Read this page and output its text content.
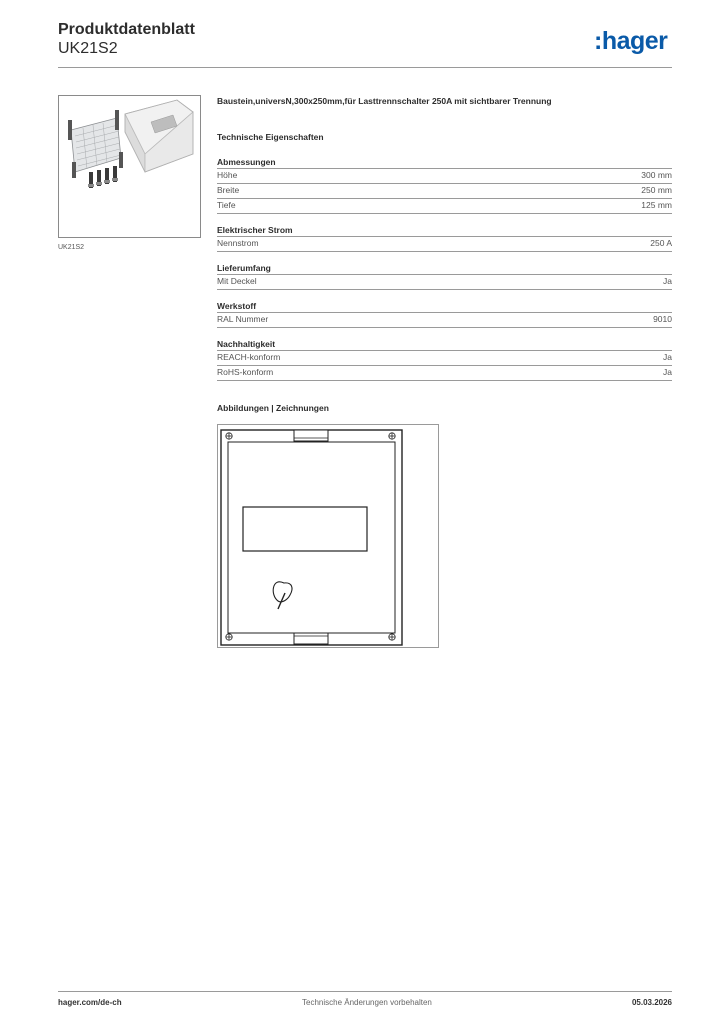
Produktdatenblatt
UK21S2	:hager
UK21S2
Baustein,universN,300x250mm,für Lasttrennschalter 250A mit sichtbarer Trennung
Technische Eigenschaften
Abmessungen
Höhe	300 mm
Breite	250 mm
Tiefe	125 mm
Elektrischer Strom
Nennstrom	250 A
Lieferumfang
Mit Deckel	Ja
Werkstoff
RAL Nummer	9010
Nachhaltigkeit
REACH-konform	Ja
RoHS-konform	Ja
Abbildungen | Zeichnungen
hager.com/de-ch	Technische Änderungen vorbehalten	05.03.2026
